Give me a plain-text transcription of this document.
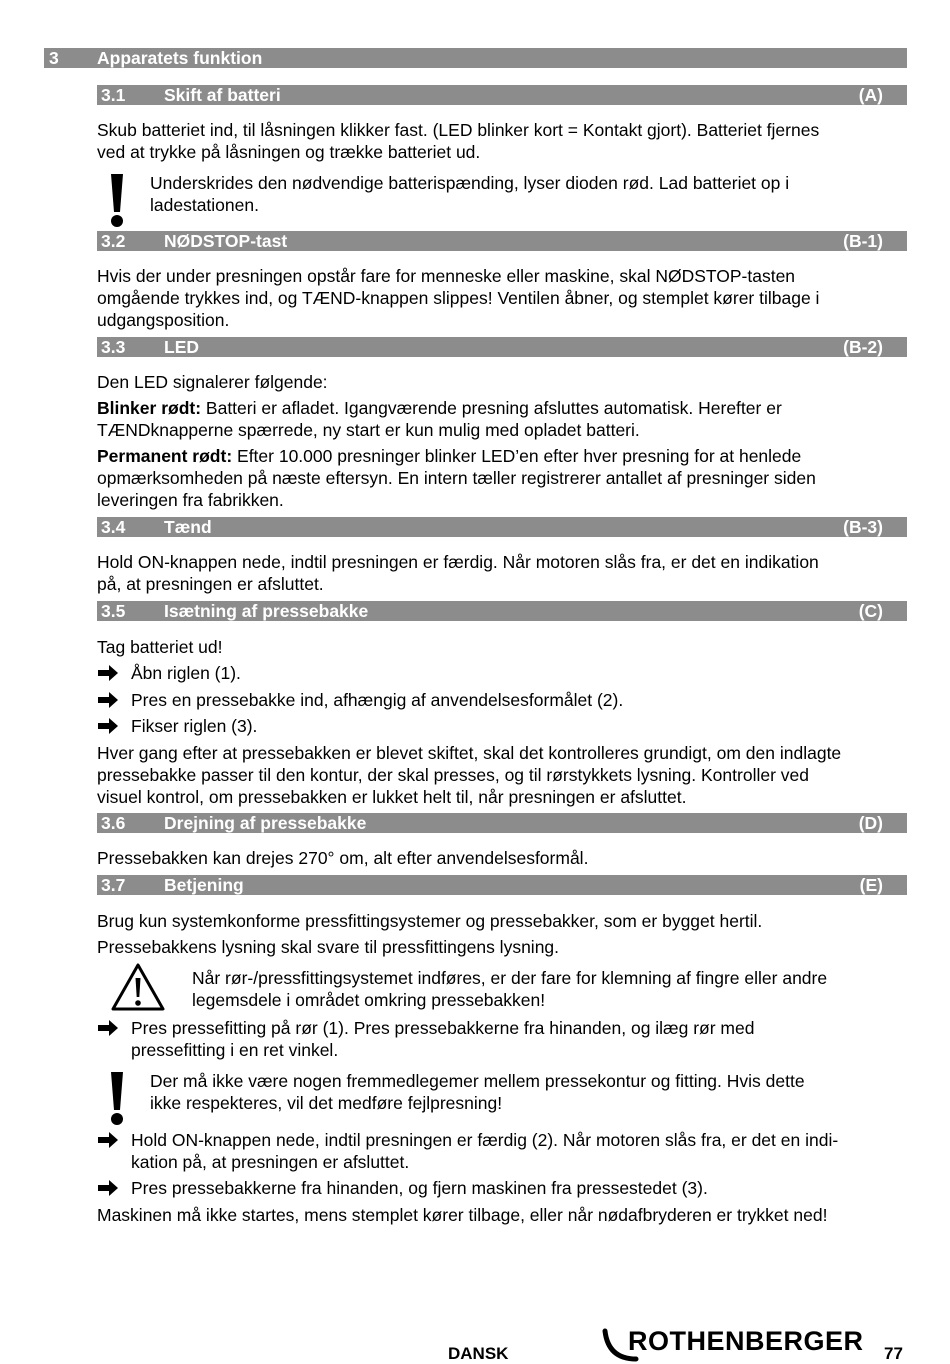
3 Apparatets funktion
3.1 Skift af batteri	(A)
Skub batteriet ind, til låsningen klikker fast. (LED blinker kort = Kontakt gjort). Batteriet fjernes
ved at trykke på låsningen og trække batteriet ud.
Underskrides den nødvendige batterispænding, lyser dioden rød. Lad batteriet op i
ladestationen.
3.2 NØDSTOP-tast	(B-1)
Hvis der under presningen opstår fare for menneske eller maskine, skal NØDSTOP-tasten
omgående trykkes ind, og TÆND-knappen slippes! Ventilen åbner, og stemplet kører tilbage i
udgangsposition.
3.3 LED	(B-2)
Den LED signalerer følgende:
Blinker rødt: Batteri er afladet. Igangværende presning afsluttes automatisk. Herefter er
TÆNDknapperne spærrede, ny start er kun mulig med opladet batteri.
Permanent rødt: Efter 10.000 presninger blinker LED’en efter hver presning for at henlede
opmærksomheden på næste eftersyn. En intern tæller registrerer antallet af presninger siden
leveringen fra fabrikken.
3.4 Tænd	(B-3)
Hold ON-knappen nede, indtil presningen er færdig. Når motoren slås fra, er det en indikation
på, at presningen er afsluttet.
3.5 Isætning af pressebakke	(C)
Tag batteriet ud!
Åbn riglen (1).
Pres en pressebakke ind, afhængig af anvendelsesformålet (2).
Fikser riglen (3).
Hver gang efter at pressebakken er blevet skiftet, skal det kontrolleres grundigt, om den indlagte
pressebakke passer til den kontur, der skal presses, og til rørstykkets lysning. Kontroller ved
visuel kontrol, om pressebakken er lukket helt til, når presningen er afsluttet.
3.6 Drejning af pressebakke	(D)
Pressebakken kan drejes 270° om, alt efter anvendelsesformål.
3.7 Betjening	(E)
Brug kun systemkonforme pressfittingsystemer og pressebakker, som er bygget hertil.
Pressebakkens lysning skal svare til pressfittingens lysning.
Når rør-/pressfittingsystemet indføres, er der fare for klemning af fingre eller andre
legemsdele i området omkring pressebakken!
Pres pressefitting på rør (1). Pres pressebakkerne fra hinanden, og ilæg rør med
pressefitting i en ret vinkel.
Der må ikke være nogen fremmedlegemer mellem pressekontur og fitting. Hvis dette
ikke respekteres, vil det medføre fejlpresning!
Hold ON-knappen nede, indtil presningen er færdig (2). Når motoren slås fra, er det en indi-
kation på, at presningen er afsluttet.
Pres pressebakkerne fra hinanden, og fjern maskinen fra pressestedet (3).
Maskinen må ikke startes, mens stemplet kører tilbage, eller når nødafbryderen er trykket ned!
DANSK	ROTHENBERGER 77
